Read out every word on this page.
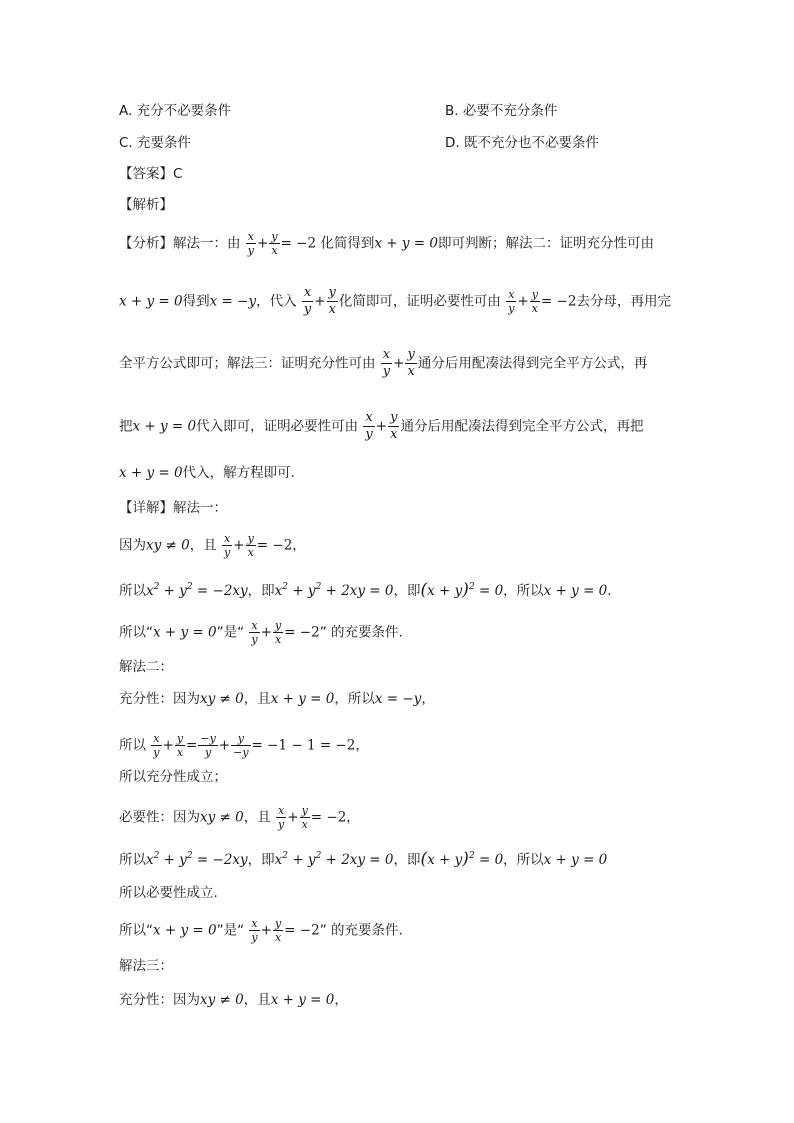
A. 充分不必要条件	B. 必要不充分条件
C. 充要条件	D. 既不充分也不必要条件
【答案】C
【解析】
【分析】解法一：由 $\frac{x}{y} + \frac{y}{x} = -2$ 化简得到x + y = 0即可判断；解法二：证明充分性可由
x + y = 0得到x = −y，代入 $\frac{x}{y} + \frac{y}{x}$ 化简即可，证明必要性可由 $\frac{x}{y} + \frac{y}{x} = -2$去分母，再用完
全平方公式即可；解法三：证明充分性可由 $\frac{x}{y} + \frac{y}{x}$ 通分后用配凑法得到完全平方公式，再
把x + y = 0代入即可，证明必要性可由 $\frac{x}{y} + \frac{y}{x}$ 通分后用配凑法得到完全平方公式，再把
x + y = 0代入，解方程即可.
【详解】解法一：
因为xy ≠ 0，且 $\frac{x}{y} + \frac{y}{x} = -2$，
所以$x^2 + y^2 = -2xy$，即$x^2 + y^2 + 2xy = 0$，即$(x + y)^2 = 0$，所以x + y = 0.
所以“x + y = 0”是“ $\frac{x}{y} + \frac{y}{x} = -2$” 的充要条件.
解法二：
充分性：因为xy ≠ 0，且x + y = 0，所以x = −y，
所以 $\frac{x}{y} + \frac{y}{x} = \frac{-y}{y} + \frac{y}{-y} = -1 - 1 = -2$，
所以充分性成立；
必要性：因为xy ≠ 0，且 $\frac{x}{y} + \frac{y}{x} = -2$，
所以$x^2 + y^2 = -2xy$，即$x^2 + y^2 + 2xy = 0$，即$(x + y)^2 = 0$，所以x + y = 0
所以必要性成立.
所以“x + y = 0”是“ $\frac{x}{y} + \frac{y}{x} = -2$” 的充要条件.
解法三：
充分性：因为xy ≠ 0，且x + y = 0，
